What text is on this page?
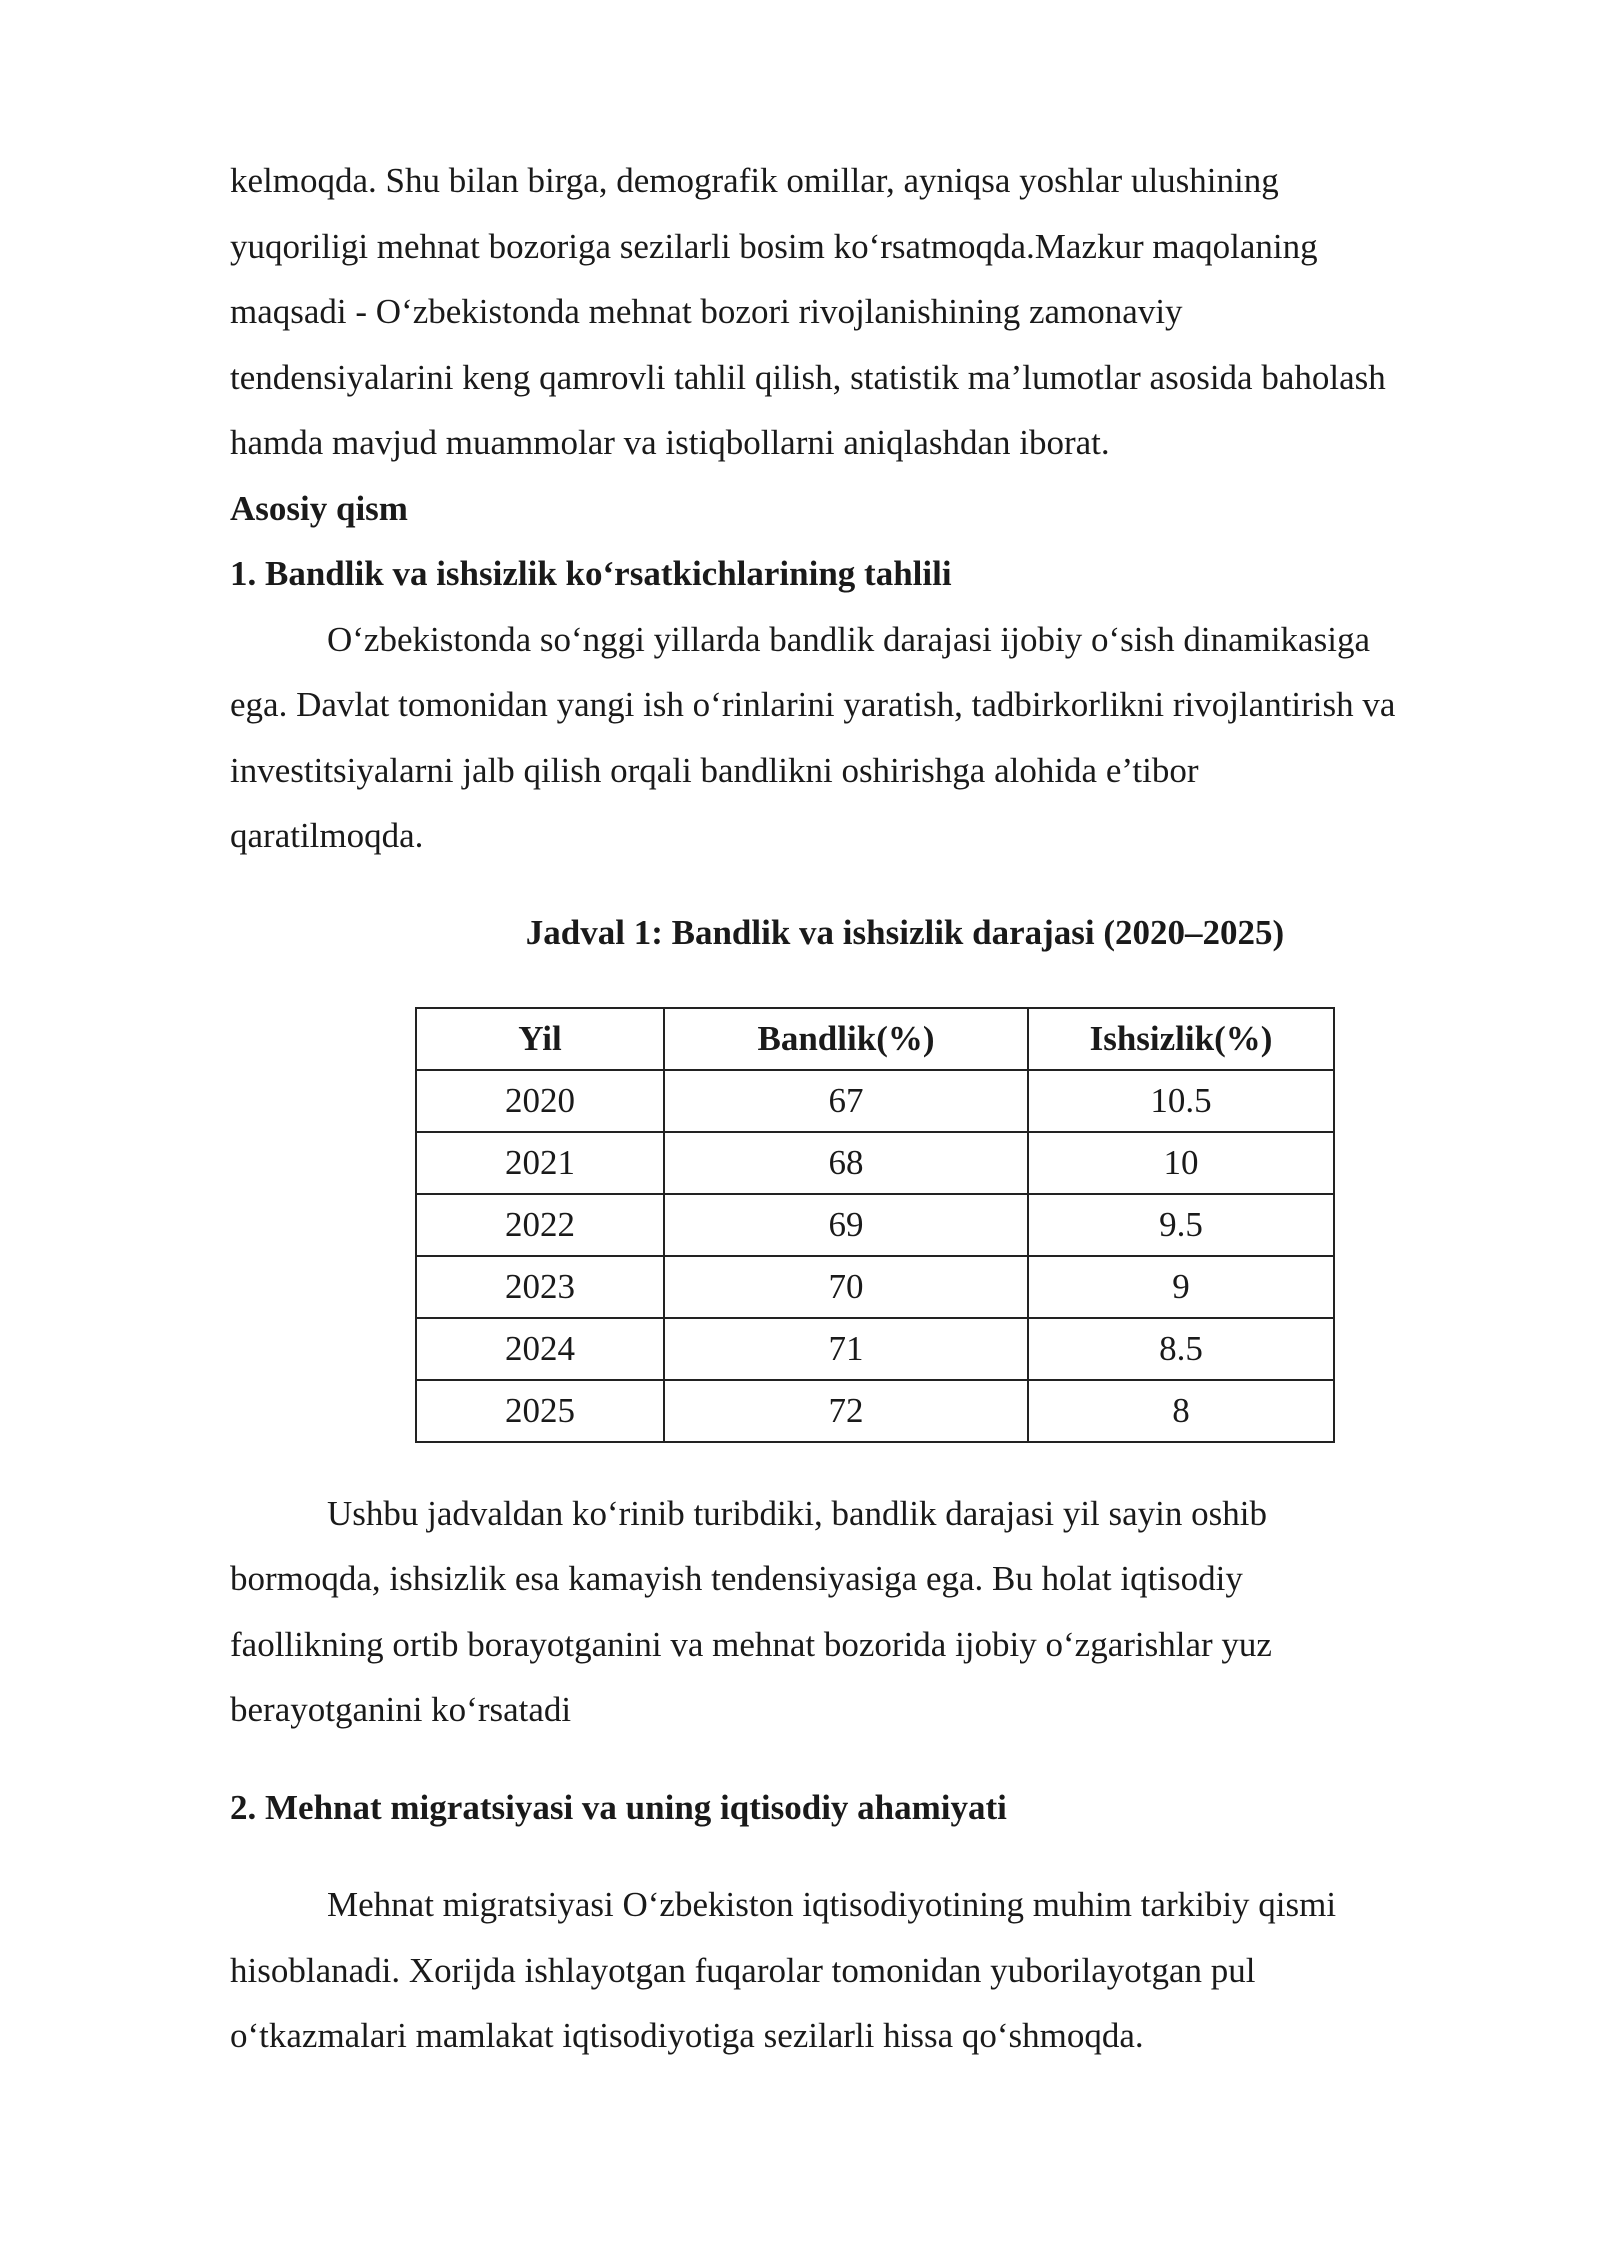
kelmoqda. Shu bilan birga, demografik omillar, ayniqsa yoshlar ulushining

yuqoriligi mehnat bozoriga sezilarli bosim ko‘rsatmoqda.Mazkur maqolaning

maqsadi - O‘zbekistonda mehnat bozori rivojlanishining zamonaviy

tendensiyalarini keng qamrovli tahlil qilish, statistik ma’lumotlar asosida baholash

hamda mavjud muammolar va istiqbollarni aniqlashdan iborat.

Asosiy qism

1. Bandlik va ishsizlik ko‘rsatkichlarining tahlili

O‘zbekistonda so‘nggi yillarda bandlik darajasi ijobiy o‘sish dinamikasiga

ega. Davlat tomonidan yangi ish o‘rinlarini yaratish, tadbirkorlikni rivojlantirish va

investitsiyalarni jalb qilish orqali bandlikni oshirishga alohida e’tibor

qaratilmoqda.

Jadval 1: Bandlik va ishsizlik darajasi (2020–2025)
Yil	Bandlik(%)	Ishsizlik(%)
2020	67	10.5
2021	68	10
2022	69	9.5
2023	70	9
2024	71	8.5
2025	72	8

Ushbu jadvaldan ko‘rinib turibdiki, bandlik darajasi yil sayin oshib

bormoqda, ishsizlik esa kamayish tendensiyasiga ega. Bu holat iqtisodiy

faollikning ortib borayotganini va mehnat bozorida ijobiy o‘zgarishlar yuz

berayotganini ko‘rsatadi

2. Mehnat migratsiyasi va uning iqtisodiy ahamiyati

Mehnat migratsiyasi O‘zbekiston iqtisodiyotining muhim tarkibiy qismi

hisoblanadi. Xorijda ishlayotgan fuqarolar tomonidan yuborilayotgan pul

o‘tkazmalari mamlakat iqtisodiyotiga sezilarli hissa qo‘shmoqda.
